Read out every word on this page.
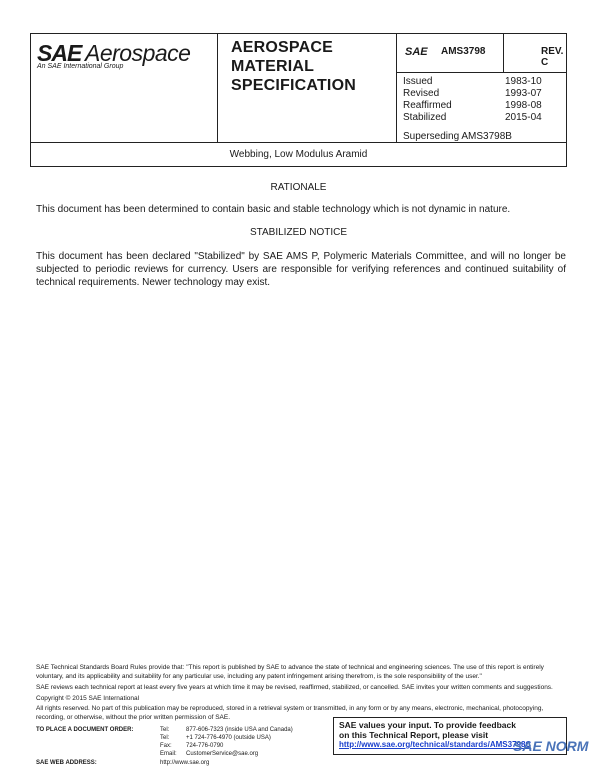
SAE Aerospace
An SAE International Group
AEROSPACE
MATERIAL
SPECIFICATION
SAE AMS3798	REV. C
Issued	1983-10
Revised	1993-07
Reaffirmed	1998-08
Stabilized	2015-04
Superseding AMS3798B
Webbing, Low Modulus Aramid
RATIONALE

This document has been determined to contain basic and stable technology which is not dynamic in nature.

STABILIZED NOTICE

This document has been declared "Stabilized" by SAE AMS P, Polymeric Materials Committee, and will no longer be subjected to periodic reviews for currency. Users are responsible for verifying references and continued suitability of technical requirements. Newer technology may exist.

SAE Technical Standards Board Rules provide that: "This report is published by SAE to advance the state of technical and engineering sciences. The use of this report is entirely voluntary, and its applicability and suitability for any particular use, including any patent infringement arising therefrom, is the sole responsibility of the user."

SAE reviews each technical report at least every five years at which time it may be revised, reaffirmed, stabilized, or cancelled. SAE invites your written comments and suggestions.

Copyright © 2015 SAE International

All rights reserved. No part of this publication may be reproduced, stored in a retrieval system or transmitted, in any form or by any means, electronic, mechanical, photocopying, recording, or otherwise, without the prior written permission of SAE.

TO PLACE A DOCUMENT ORDER:	Tel:	877-606-7323 (inside USA and Canada)
Tel:	+1 724-776-4970 (outside USA)
Fax: 724-776-0790
Email: CustomerService@sae.org
SAE WEB ADDRESS:	http://www.sae.org
SAE values your input. To provide feedback
on this Technical Report, please visit
http://www.sae.org/technical/standards/AMS3798C
SAE NORM
